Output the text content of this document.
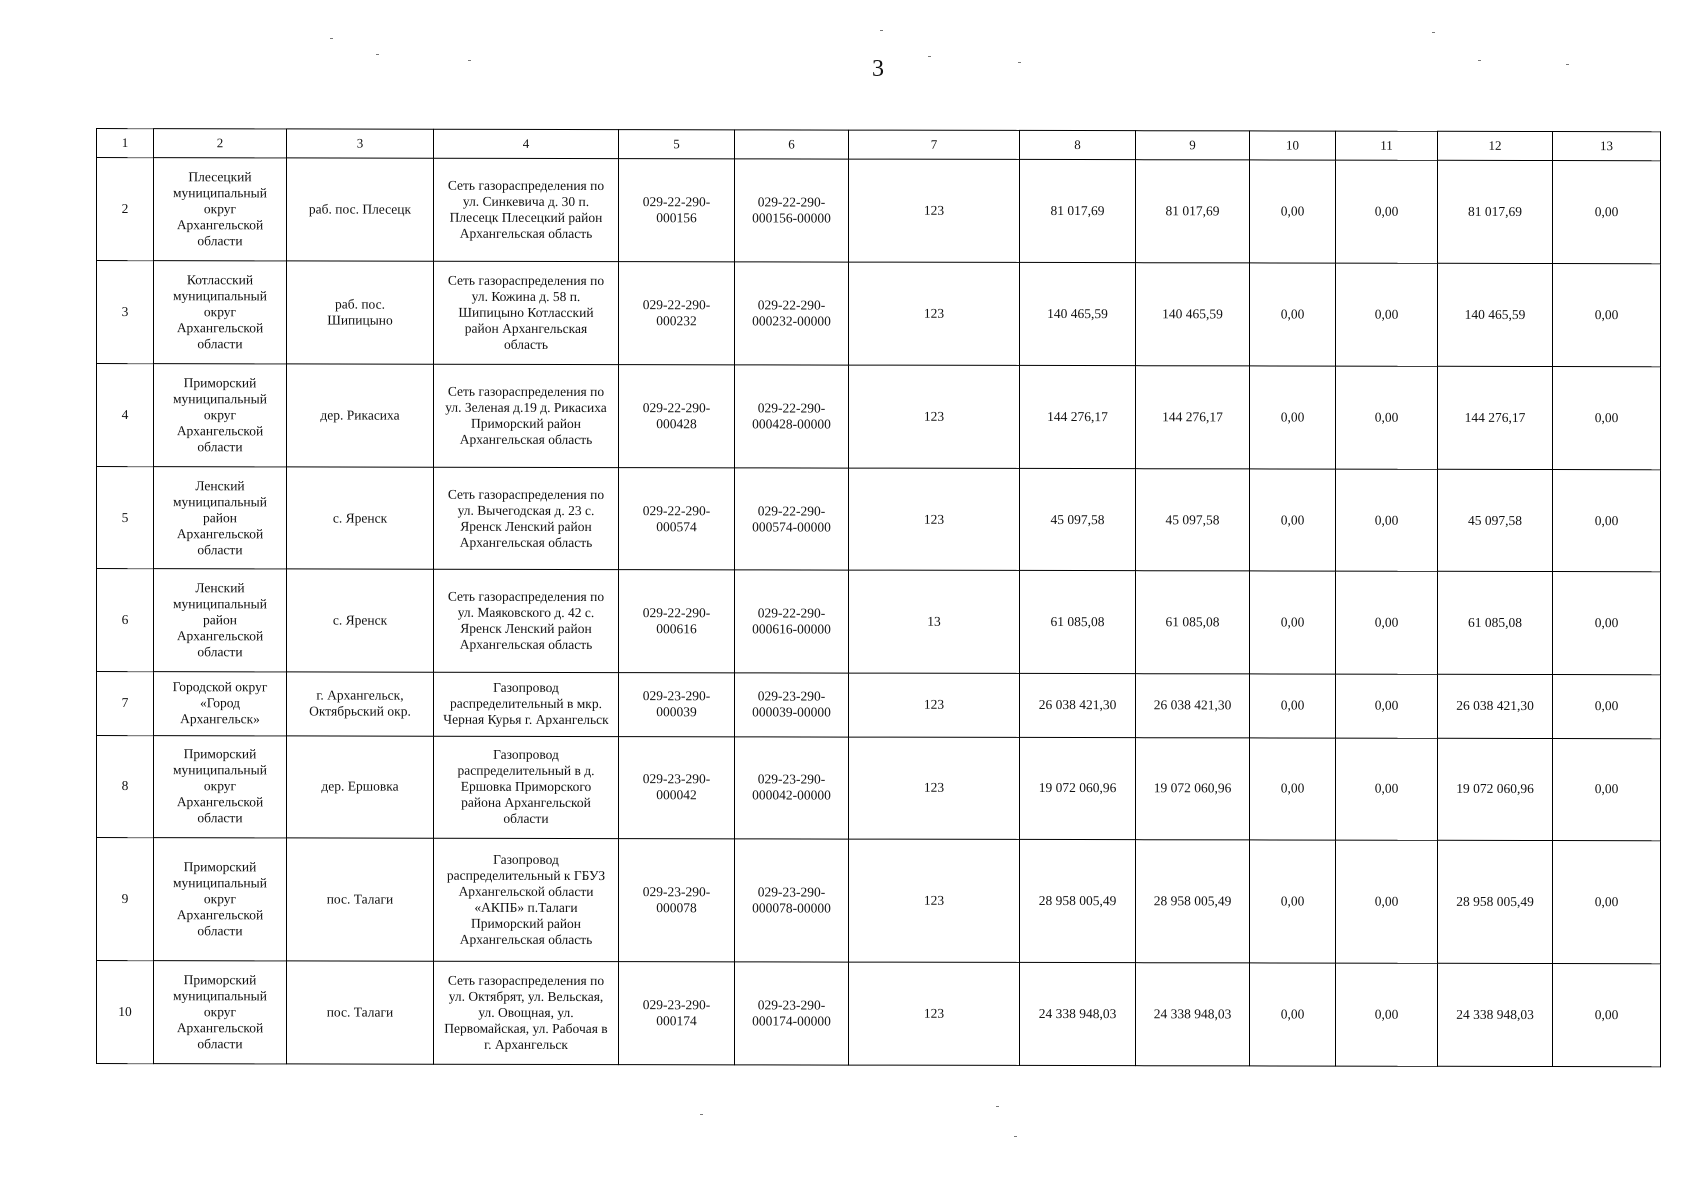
3
1	2	3	4	5	6	7	8	9	10	11	12	13

2	Плесецкий муниципальный округ Архангельской области	раб. пос. Плесецк	Сеть газораспределения по ул. Синкевича д. 30 п. Плесецк Плесецкий район Архангельская область	029-22-290-000156	029-22-290-000156-00000	123	81 017,69	81 017,69	0,00	0,00	81 017,69	0,00

3	Котласский муниципальный округ Архангельской области	раб. пос. Шипицыно	Сеть газораспределения по ул. Кожина д. 58 п. Шипицыно Котласский район Архангельская область	029-22-290-000232	029-22-290-000232-00000	123	140 465,59	140 465,59	0,00	0,00	140 465,59	0,00

4	Приморский муниципальный округ Архангельской области	дер. Рикасиха	Сеть газораспределения по ул. Зеленая д.19 д. Рикасиха Приморский район Архангельская область	029-22-290-000428	029-22-290-000428-00000	123	144 276,17	144 276,17	0,00	0,00	144 276,17	0,00

5	Ленский муниципальный район Архангельской области	с. Яренск	Сеть газораспределения по ул. Вычегодская д. 23 с. Яренск Ленский район Архангельская область	029-22-290-000574	029-22-290-000574-00000	123	45 097,58	45 097,58	0,00	0,00	45 097,58	0,00

6	Ленский муниципальный район Архангельской области	с. Яренск	Сеть газораспределения по ул. Маяковского д. 42 с. Яренск Ленский район Архангельская область	029-22-290-000616	029-22-290-000616-00000	13	61 085,08	61 085,08	0,00	0,00	61 085,08	0,00

7	Городской округ «Город Архангельск»	г. Архангельск, Октябрьский окр.	Газопровод распределительный в мкр. Черная Курья г. Архангельск	029-23-290-000039	029-23-290-000039-00000	123	26 038 421,30	26 038 421,30	0,00	0,00	26 038 421,30	0,00

8	Приморский муниципальный округ Архангельской области	дер. Ершовка	Газопровод распределительный в д. Ершовка Приморского района Архангельской области	029-23-290-000042	029-23-290-000042-00000	123	19 072 060,96	19 072 060,96	0,00	0,00	19 072 060,96	0,00

9	Приморский муниципальный округ Архангельской области	пос. Талаги	Газопровод распределительный к ГБУЗ Архангельской области «АКПБ» п.Талаги Приморский район Архангельская область	029-23-290-000078	029-23-290-000078-00000	123	28 958 005,49	28 958 005,49	0,00	0,00	28 958 005,49	0,00

10	Приморский муниципальный округ Архангельской области	пос. Талаги	Сеть газораспределения по ул. Октябрят, ул. Вельская, ул. Овощная, ул. Первомайская, ул. Рабочая в г. Архангельск	029-23-290-000174	029-23-290-000174-00000	123	24 338 948,03	24 338 948,03	0,00	0,00	24 338 948,03	0,00
